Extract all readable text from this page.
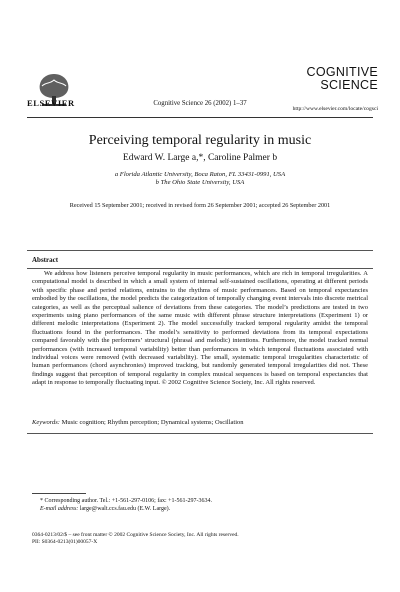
ELSEVIER	Cognitive Science 26 (2002) 1–37
COGNITIVE
SCIENCE
http://www.elsevier.com/locate/cogsci
Perceiving temporal regularity in music
Edward W. Large a,*, Caroline Palmer b
a Florida Atlantic University, Boca Raton, FL 33431-0991, USA
b The Ohio State University, USA
Received 15 September 2001; received in revised form 26 September 2001; accepted 26 September 2001
Abstract
We address how listeners perceive temporal regularity in music performances, which are rich in temporal irregularities. A computational model is described in which a small system of internal self-sustained oscillations, operating at different periods with specific phase and period relations, entrains to the rhythms of music performances. Based on temporal expectancies embodied by the oscillations, the model predicts the categorization of temporally changing event intervals into discrete metrical categories, as well as the perceptual salience of deviations from these categories. The model’s predictions are tested in two experiments using piano performances of the same music with different phrase structure interpretations (Experiment 1) or different melodic interpretations (Experiment 2). The model successfully tracked temporal regularity amidst the temporal fluctuations found in the performances. The model’s sensitivity to performed deviations from its temporal expectations compared favorably with the performers’ structural (phrasal and melodic) intentions. Furthermore, the model tracked normal performances (with increased temporal variability) better than performances in which temporal fluctuations associated with individual voices were removed (with decreased variability). The small, systematic temporal irregularities characteristic of human performances (chord asynchronies) improved tracking, but randomly generated temporal irregularities did not. These findings suggest that perception of temporal regularity in complex musical sequences is based on temporal expectancies that adapt in response to temporally fluctuating input. © 2002 Cognitive Science Society, Inc. All rights reserved.
Keywords: Music cognition; Rhythm perception; Dynamical systems; Oscillation
* Corresponding author. Tel.: +1-561-297-0106; fax: +1-561-297-3634.
E-mail address: large@walt.ccs.fau.edu (E.W. Large).
0364-0213/02/$ – see front matter © 2002 Cognitive Science Society, Inc. All rights reserved.
PII: S0364-0213(01)00057-X
